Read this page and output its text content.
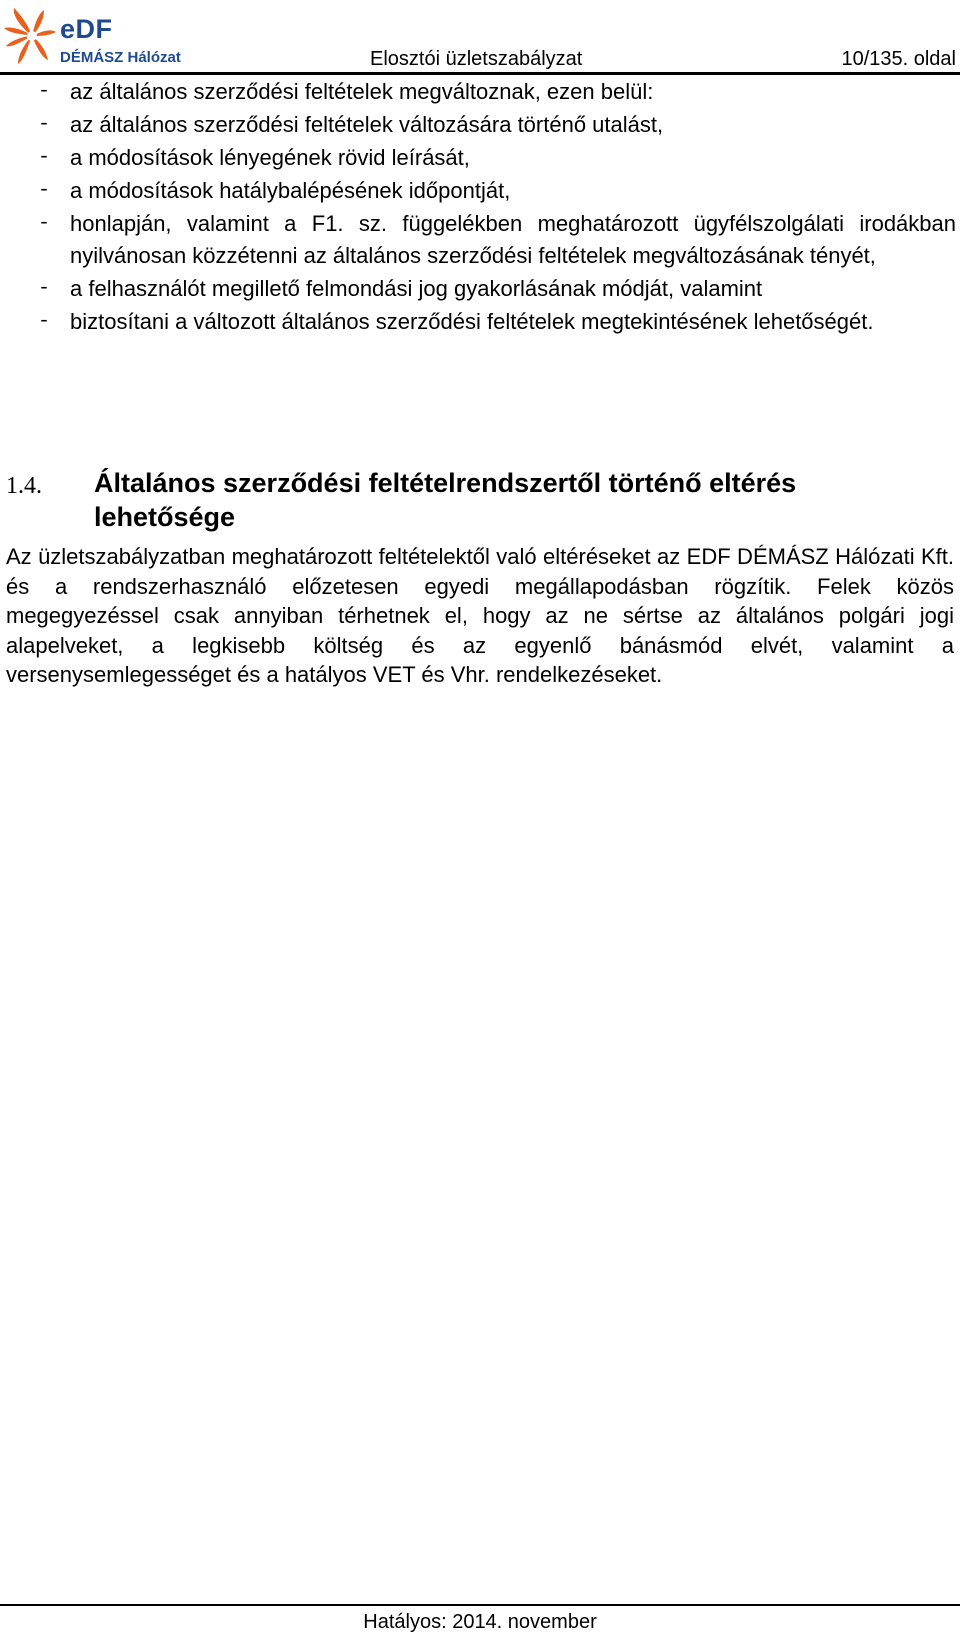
eDF
DÉMÁSZ Hálózat	Elosztói üzletszabályzat	10/135. oldal
- az általános szerződési feltételek megváltoznak, ezen belül:
- az általános szerződési feltételek változására történő utalást,
- a módosítások lényegének rövid leírását,
- a módosítások hatálybalépésének időpontját,
- honlapján, valamint a F1. sz. függelékben meghatározott ügyfélszolgálati irodákban nyilvánosan közzétenni az általános szerződési feltételek megváltozásának tényét,
- a felhasználót megillető felmondási jog gyakorlásának módját, valamint
- biztosítani a változott általános szerződési feltételek megtekintésének lehetőségét.
1.4. Általános szerződési feltételrendszertől történő eltérés lehetősége

Az üzletszabályzatban meghatározott feltételektől való eltéréseket az EDF DÉMÁSZ Hálózati Kft. és a rendszerhasználó előzetesen egyedi megállapodásban rögzítik. Felek közös megegyezéssel csak annyiban térhetnek el, hogy az ne sértse az általános polgári jogi alapelveket, a legkisebb költség és az egyenlő bánásmód elvét, valamint a versenysemlegességet és a hatályos VET és Vhr. rendelkezéseket.

Hatályos: 2014. november
